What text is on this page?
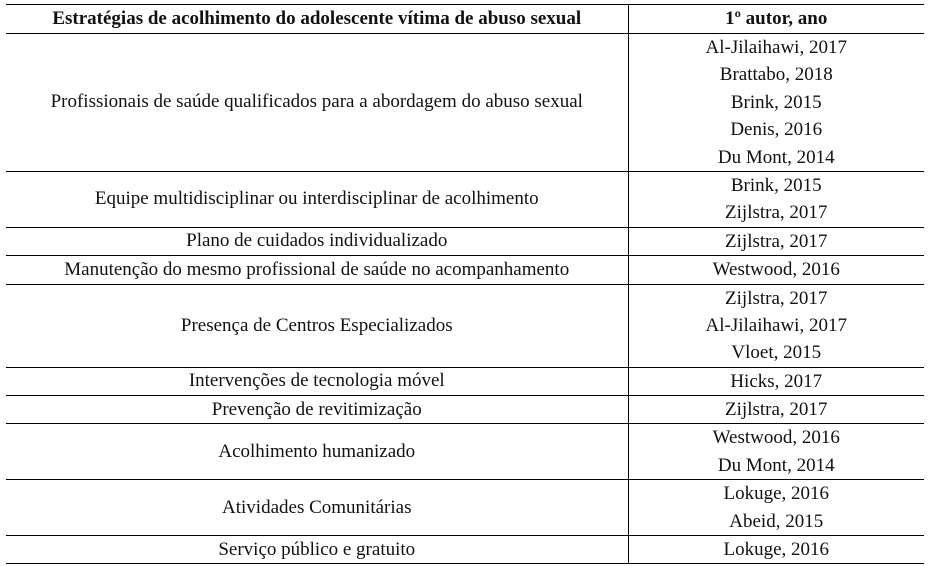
Estratégias de acolhimento do adolescente vítima de abuso sexual	1º autor, ano

Profissionais de saúde qualificados para a abordagem do abuso sexual	Al-Jilaihawi, 2017
Brattabo, 2018
Brink, 2015
Denis, 2016
Du Mont, 2014

Equipe multidisciplinar ou interdisciplinar de acolhimento	Brink, 2015
Zijlstra, 2017

Plano de cuidados individualizado	Zijlstra, 2017

Manutenção do mesmo profissional de saúde no acompanhamento	Westwood, 2016

Presença de Centros Especializados	Zijlstra, 2017
Al-Jilaihawi, 2017
Vloet, 2015

Intervenções de tecnologia móvel	Hicks, 2017

Prevenção de revitimização	Zijlstra, 2017

Acolhimento humanizado	Westwood, 2016
Du Mont, 2014

Atividades Comunitárias	Lokuge, 2016
Abeid, 2015

Serviço público e gratuito	Lokuge, 2016
